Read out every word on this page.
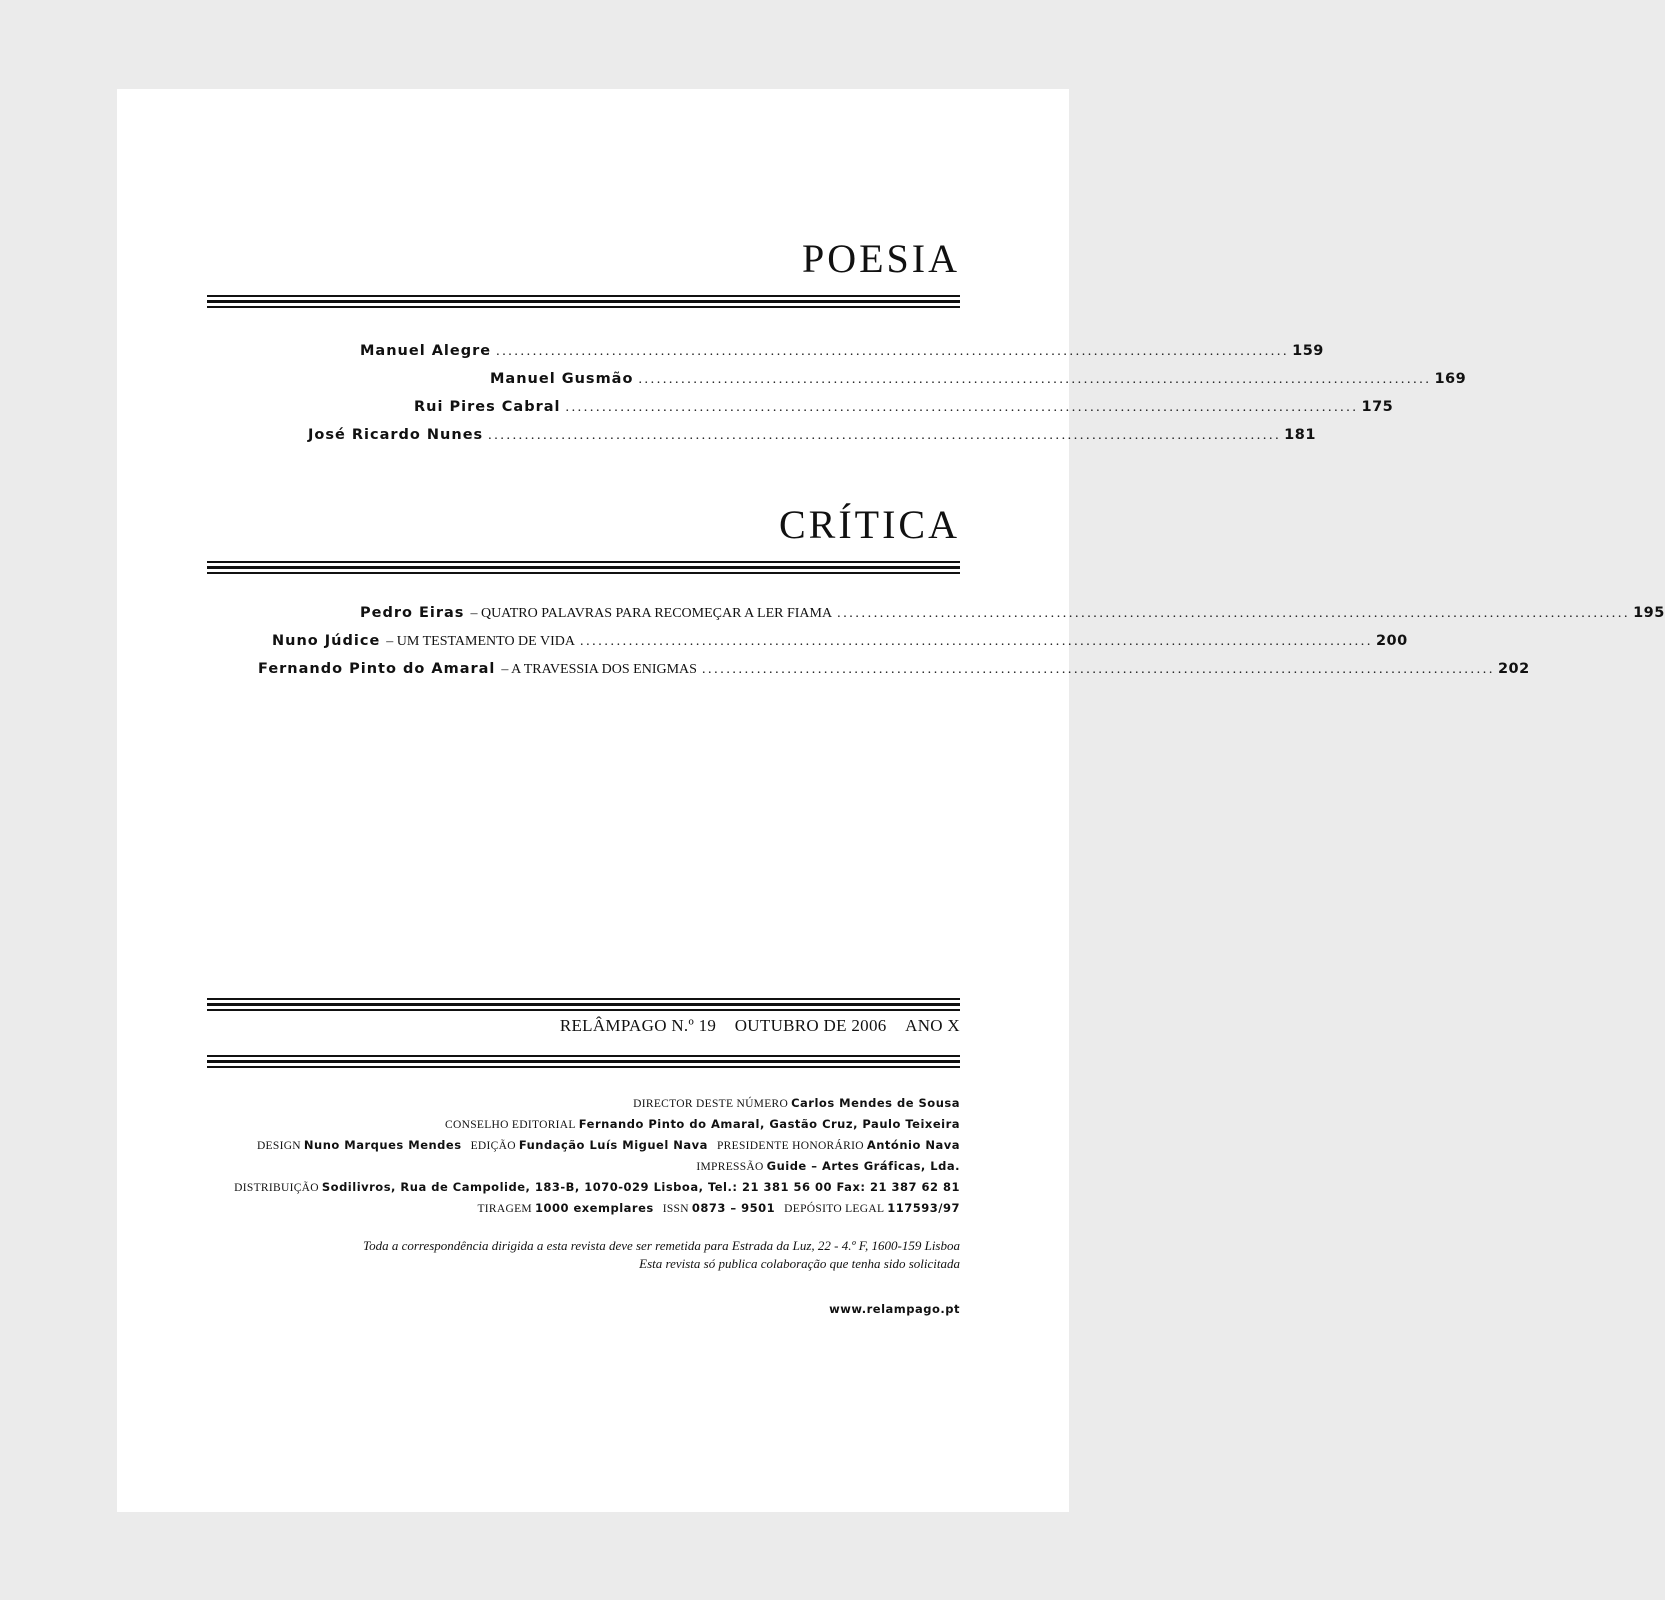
POESIA
Manuel Alegre .................................................................................................................................. 159
Manuel Gusmão .................................................................................................................................. 169
Rui Pires Cabral .................................................................................................................................. 175
José Ricardo Nunes .................................................................................................................................. 181
CRÍTICA
Pedro Eiras – QUATRO PALAVRAS PARA RECOMEÇAR A LER FIAMA .................................................................................................................................. 195
Nuno Júdice – UM TESTAMENTO DE VIDA .................................................................................................................................. 200
Fernando Pinto do Amaral – A TRAVESSIA DOS ENIGMAS .................................................................................................................................. 202
RELÂMPAGO N.º 19 OUTUBRO DE 2006 ANO X
DIRECTOR DESTE NÚMERO Carlos Mendes de Sousa
CONSELHO EDITORIAL Fernando Pinto do Amaral, Gastão Cruz, Paulo Teixeira
DESIGN Nuno Marques Mendes EDIÇÃO Fundação Luís Miguel Nava PRESIDENTE HONORÁRIO António Nava
IMPRESSÃO Guide – Artes Gráficas, Lda.
DISTRIBUIÇÃO Sodilivros, Rua de Campolide, 183-B, 1070-029 Lisboa, Tel.: 21 381 56 00 Fax: 21 387 62 81
TIRAGEM 1000 exemplares ISSN 0873 – 9501 DEPÓSITO LEGAL 117593/97
Toda a correspondência dirigida a esta revista deve ser remetida para Estrada da Luz, 22 - 4.º F, 1600-159 Lisboa
Esta revista só publica colaboração que tenha sido solicitada
www.relampago.pt
